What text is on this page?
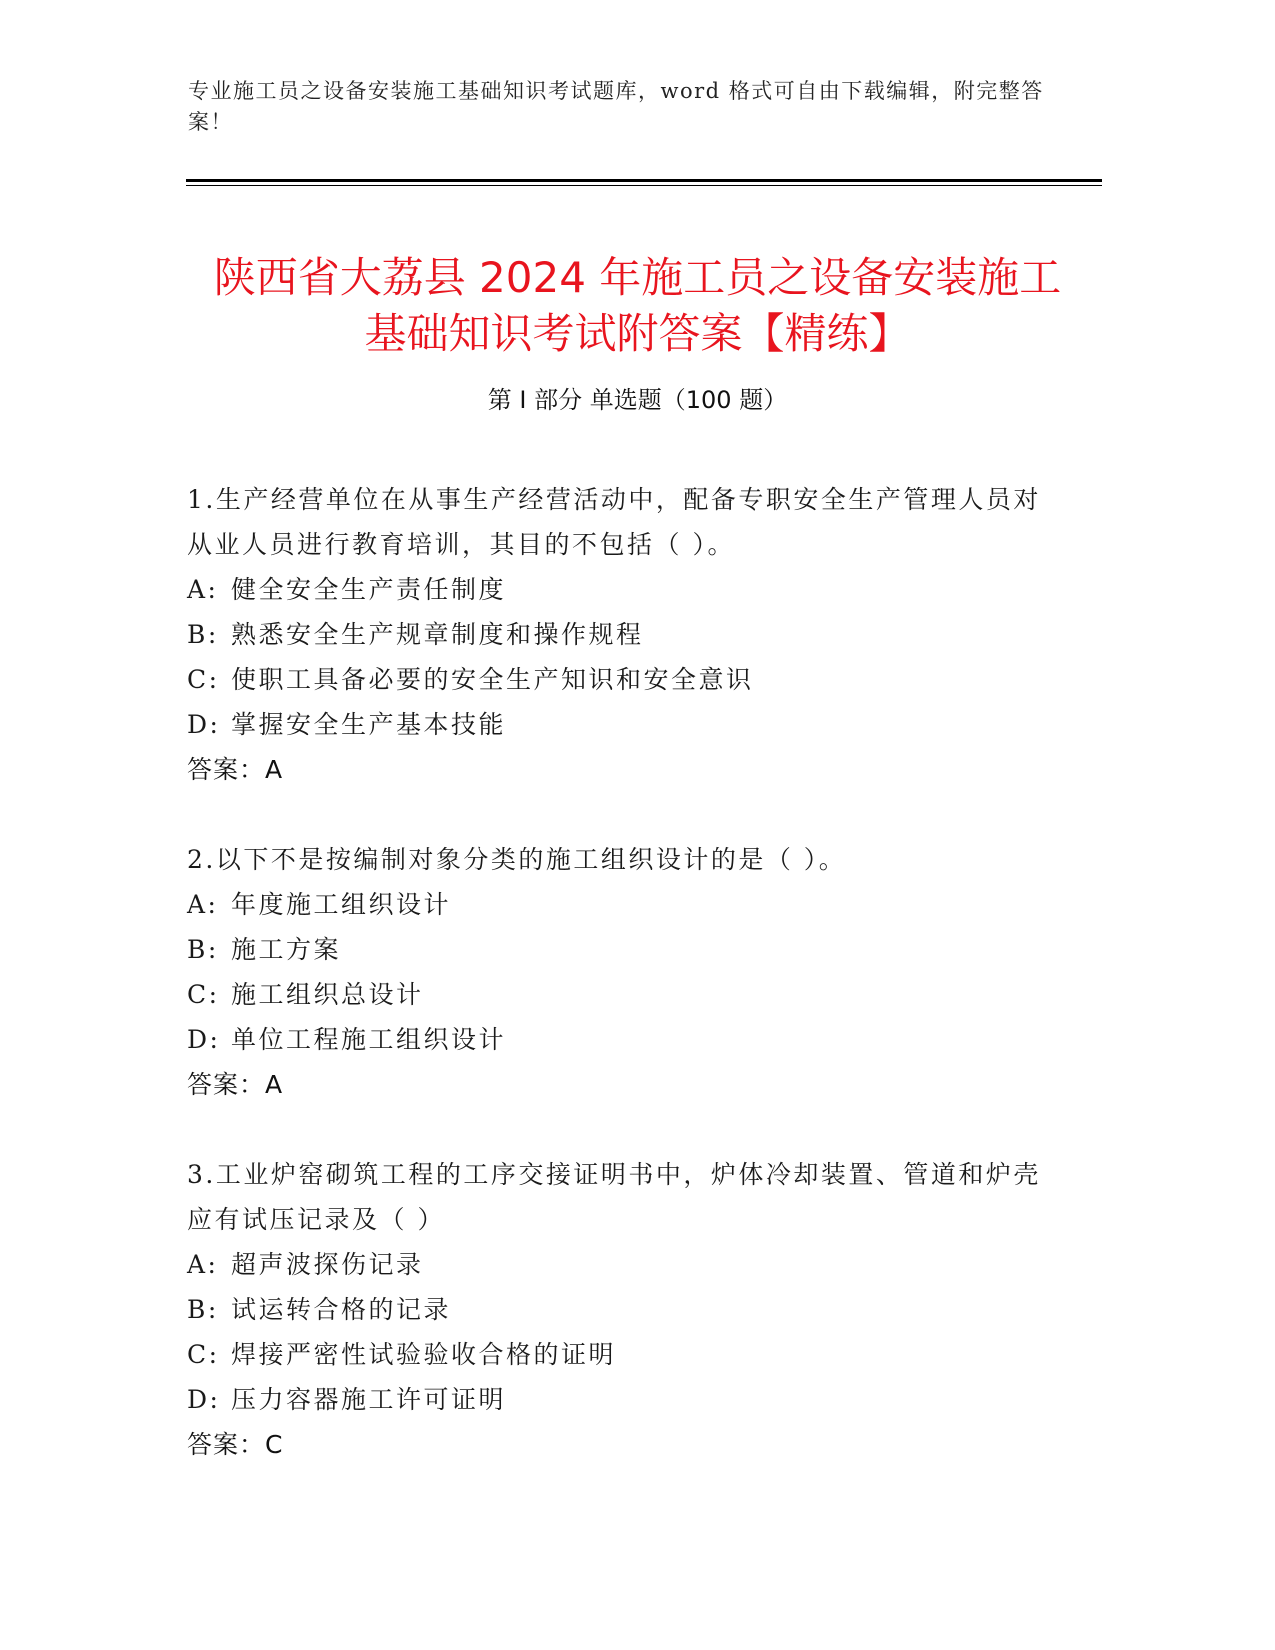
专业施工员之设备安装施工基础知识考试题库，word 格式可自由下载编辑，附完整答案！
陕西省大荔县 2024 年施工员之设备安装施工
基础知识考试附答案【精练】
第 I 部分 单选题（100 题）
1.生产经营单位在从事生产经营活动中，配备专职安全生产管理人员对从业人员进行教育培训，其目的不包括（ ）。
A: 健全安全生产责任制度
B: 熟悉安全生产规章制度和操作规程
C: 使职工具备必要的安全生产知识和安全意识
D: 掌握安全生产基本技能
答案：A
2.以下不是按编制对象分类的施工组织设计的是（ ）。
A: 年度施工组织设计
B: 施工方案
C: 施工组织总设计
D: 单位工程施工组织设计
答案：A
3.工业炉窑砌筑工程的工序交接证明书中，炉体冷却装置、管道和炉壳应有试压记录及（ ）
A: 超声波探伤记录
B: 试运转合格的记录
C: 焊接严密性试验验收合格的证明
D: 压力容器施工许可证明
答案：C
